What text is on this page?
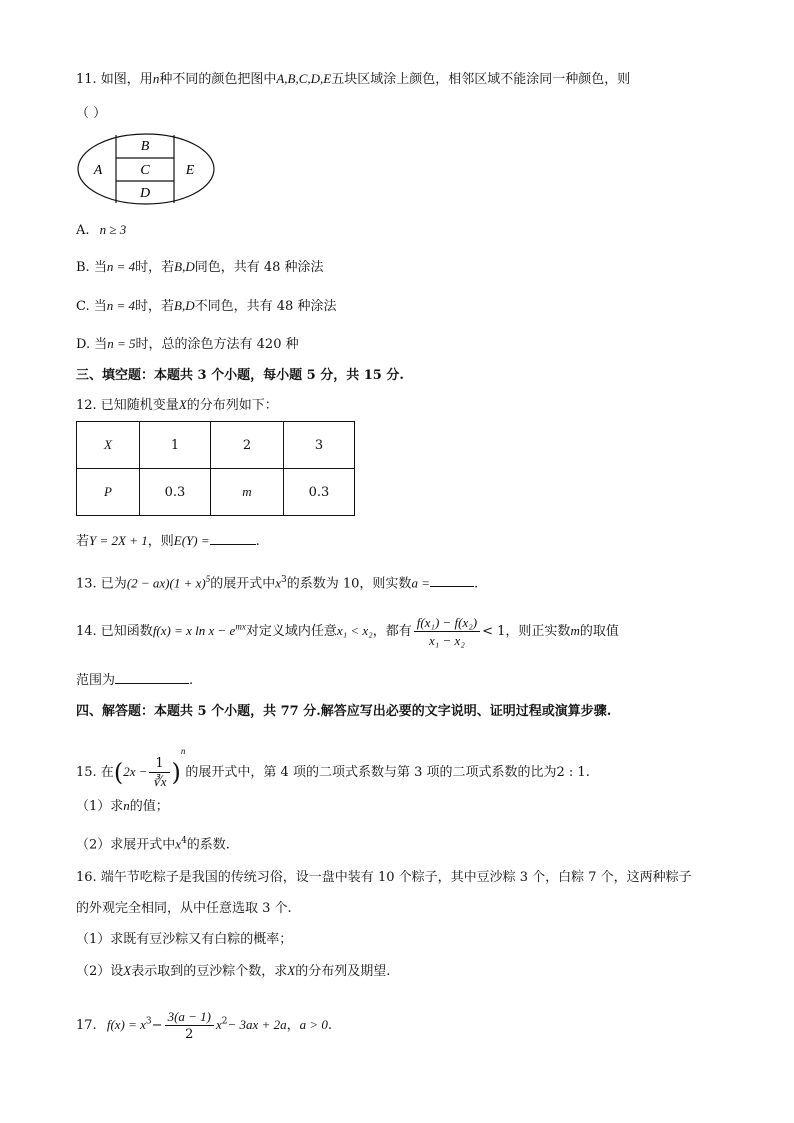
11. 如图，用n种不同的颜色把图中A,B,C,D,E五块区域涂上颜色，相邻区域不能涂同一种颜色，则
（ ）
A
B
C
D
E
A. n ≥ 3
B. 当n = 4时，若B,D同色，共有 48 种涂法
C. 当n = 4时，若B,D不同色，共有 48 种涂法
D. 当n = 5时，总的涂色方法有 420 种
三、填空题：本题共 3 个小题，每小题 5 分，共 15 分.
12. 已知随机变量X的分布列如下：
X	1	2	3
P	0.3	m	0.3
若Y = 2X + 1，则E(Y) =	.
13. 已为$(2 - ax)(1 + x)^5$的展开式中$x^3$的系数为 10，则实数a =	.
14. 已知函数f(x) = x $\ln x - e^{mx}$对定义域内任意x₁ < x₂，都有 $\frac{\text{f(x₁) − f(x₂)}}{\text{x₁ − x₂}} < 1$，则正实数m的取值
范围为	.
四、解答题：本题共 5 个小题，共 77 分.解答应写出必要的文字说明、证明过程或演算步骤.
15. 在$(2x - \frac{1}{∛x} )^n$的展开式中，第 4 项的二项式系数与第 3 项的二项式系数的比为2 : 1.
（1）求n的值；
（2）求展开式中$x^4$的系数.
16. 端午节吃粽子是我国的传统习俗，设一盘中装有 10 个粽子，其中豆沙粽 3 个，白粽 7 个，这两种粽子
的外观完全相同，从中任意选取 3 个.
（1）求既有豆沙粽又有白粽的概率；
（2）设X表示取到的豆沙粽个数，求X的分布列及期望.
17. $f(x) = x^3- \frac{3(a - 1)}{2} x^2- 3ax + 2a$，a > 0.
